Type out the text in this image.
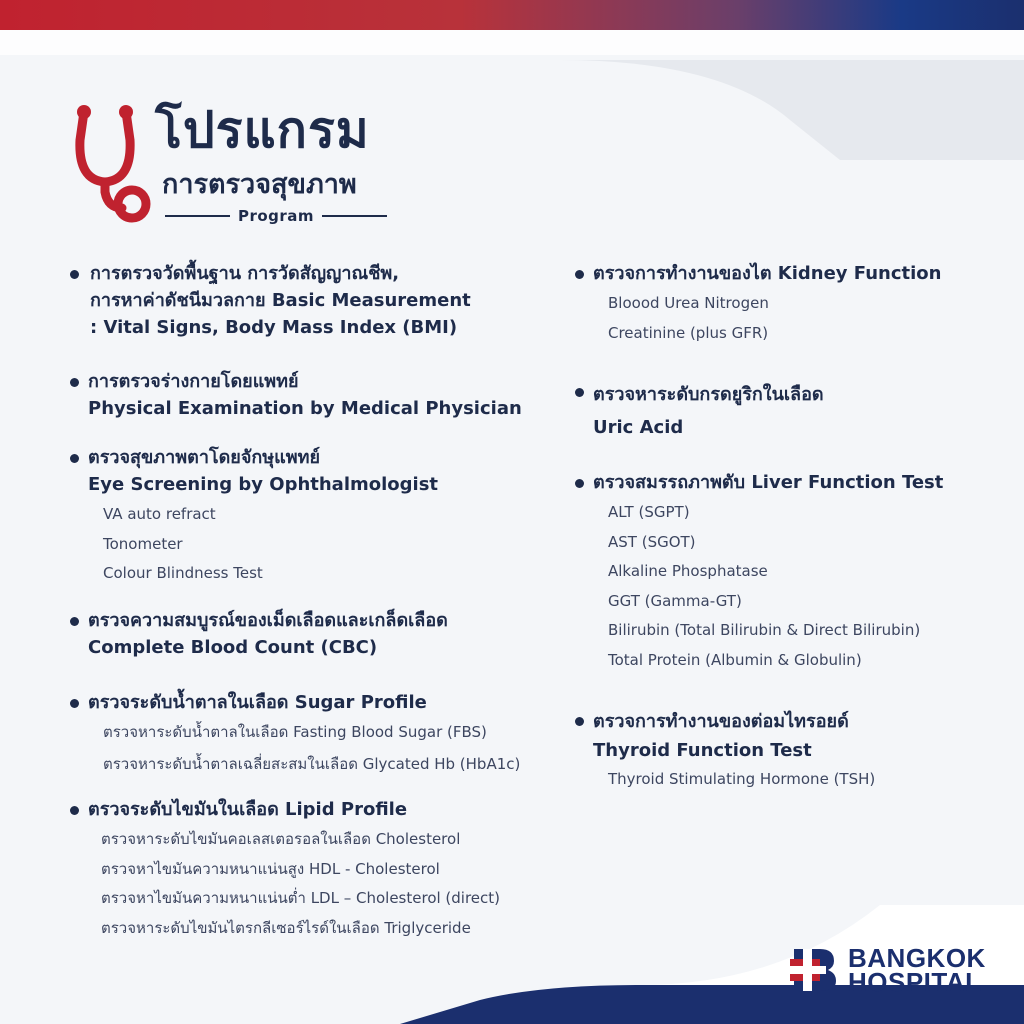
โปรแกรม
การตรวจสุขภาพ
Program
การตรวจวัดพื้นฐาน การวัดสัญญาณชีพ,
การหาค่าดัชนีมวลกาย Basic Measurement
: Vital Signs, Body Mass Index (BMI)
การตรวจร่างกายโดยแพทย์
Physical Examination by Medical Physician
ตรวจสุขภาพตาโดยจักษุแพทย์
Eye Screening by Ophthalmologist
VA auto refract
Tonometer
Colour Blindness Test
ตรวจความสมบูรณ์ของเม็ดเลือดและเกล็ดเลือด
Complete Blood Count (CBC)
ตรวจระดับน้ำตาลในเลือด Sugar Profile
ตรวจหาระดับน้ำตาลในเลือด Fasting Blood Sugar (FBS)
ตรวจหาระดับน้ำตาลเฉลี่ยสะสมในเลือด Glycated Hb (HbA1c)
ตรวจระดับไขมันในเลือด Lipid Profile
ตรวจหาระดับไขมันคอเลสเตอรอลในเลือด Cholesterol
ตรวจหาไขมันความหนาแน่นสูง HDL - Cholesterol
ตรวจหาไขมันความหนาแน่นต่ำ LDL – Cholesterol (direct)
ตรวจหาระดับไขมันไตรกลีเซอร์ไรด์ในเลือด Triglyceride
ตรวจการทำงานของไต Kidney Function
Bloood Urea Nitrogen
Creatinine (plus GFR)
ตรวจหาระดับกรดยูริกในเลือด
Uric Acid
ตรวจสมรรถภาพตับ Liver Function Test
ALT (SGPT)
AST (SGOT)
Alkaline Phosphatase
GGT (Gamma-GT)
Bilirubin (Total Bilirubin & Direct Bilirubin)
Total Protein (Albumin & Globulin)
ตรวจการทำงานของต่อมไทรอยด์
Thyroid Function Test
Thyroid Stimulating Hormone (TSH)
BANGKOK
HOSPITAL
